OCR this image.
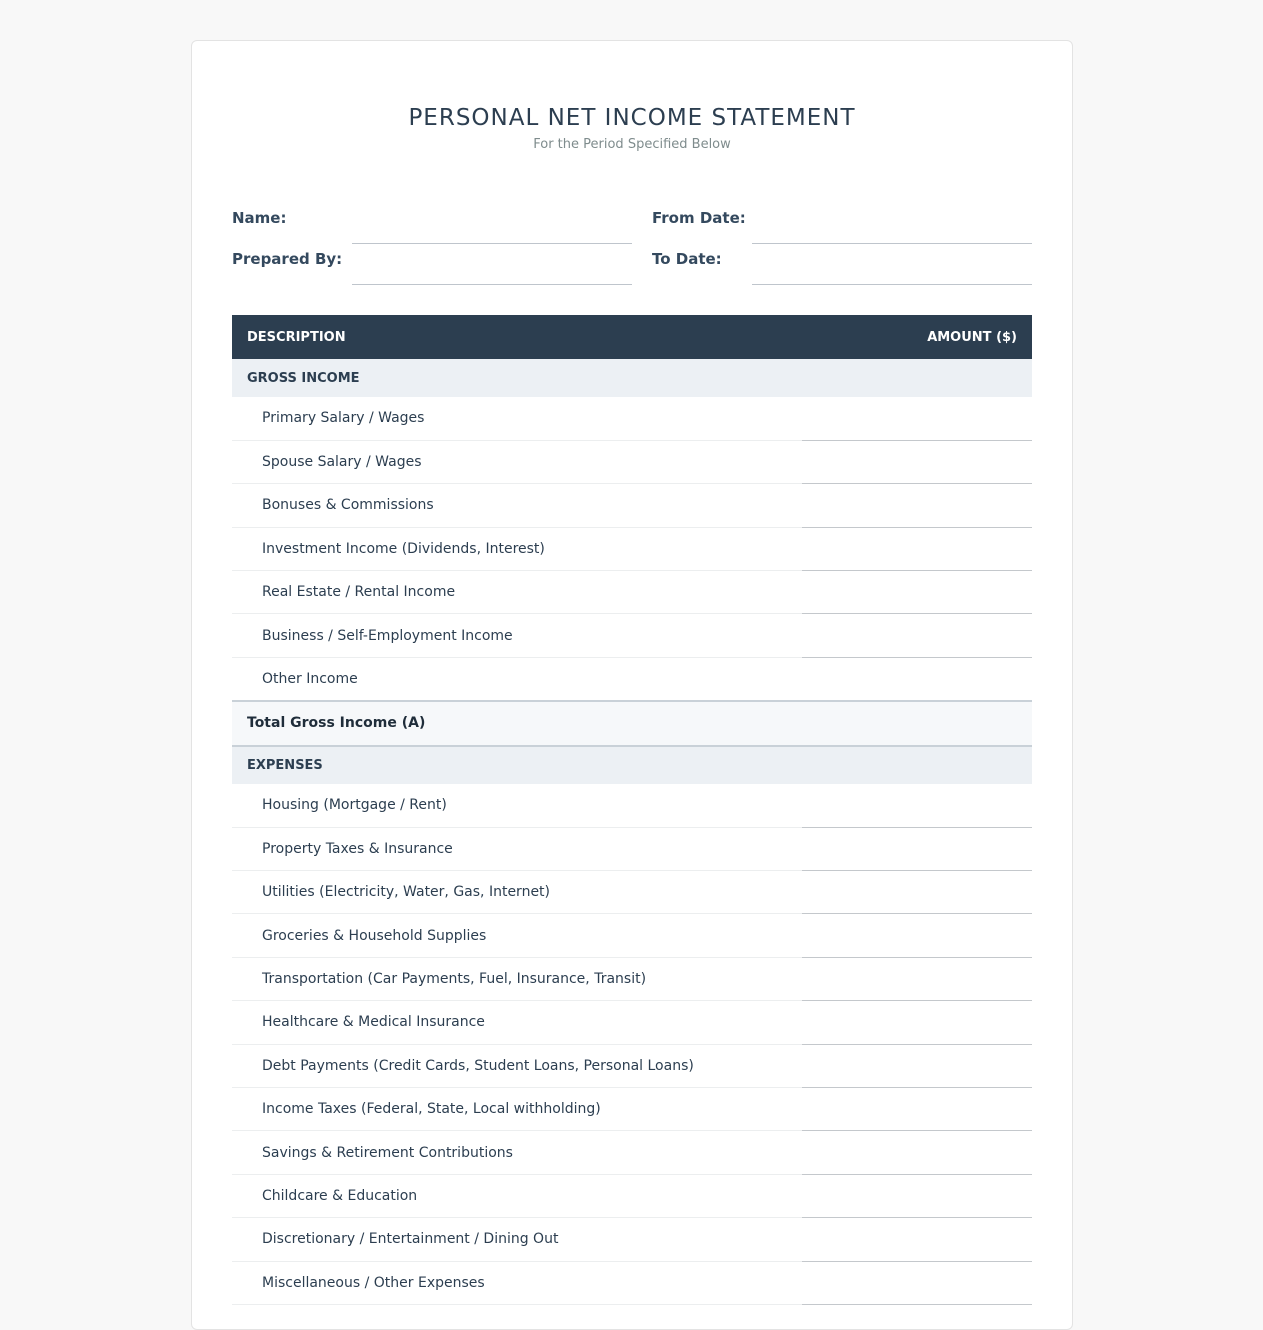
PERSONAL NET INCOME STATEMENT
For the Period Specified Below
Name:	From Date:
Prepared By:	To Date:
DESCRIPTION	AMOUNT ($)
GROSS INCOME	
Primary Salary / Wages	
Spouse Salary / Wages	
Bonuses & Commissions	
Investment Income (Dividends, Interest)	
Real Estate / Rental Income	
Business / Self-Employment Income	
Other Income	
Total Gross Income (A)	
EXPENSES	
Housing (Mortgage / Rent)	
Property Taxes & Insurance	
Utilities (Electricity, Water, Gas, Internet)	
Groceries & Household Supplies	
Transportation (Car Payments, Fuel, Insurance, Transit)	
Healthcare & Medical Insurance	
Debt Payments (Credit Cards, Student Loans, Personal Loans)	
Income Taxes (Federal, State, Local withholding)	
Savings & Retirement Contributions	
Childcare & Education	
Discretionary / Entertainment / Dining Out	
Miscellaneous / Other Expenses	
